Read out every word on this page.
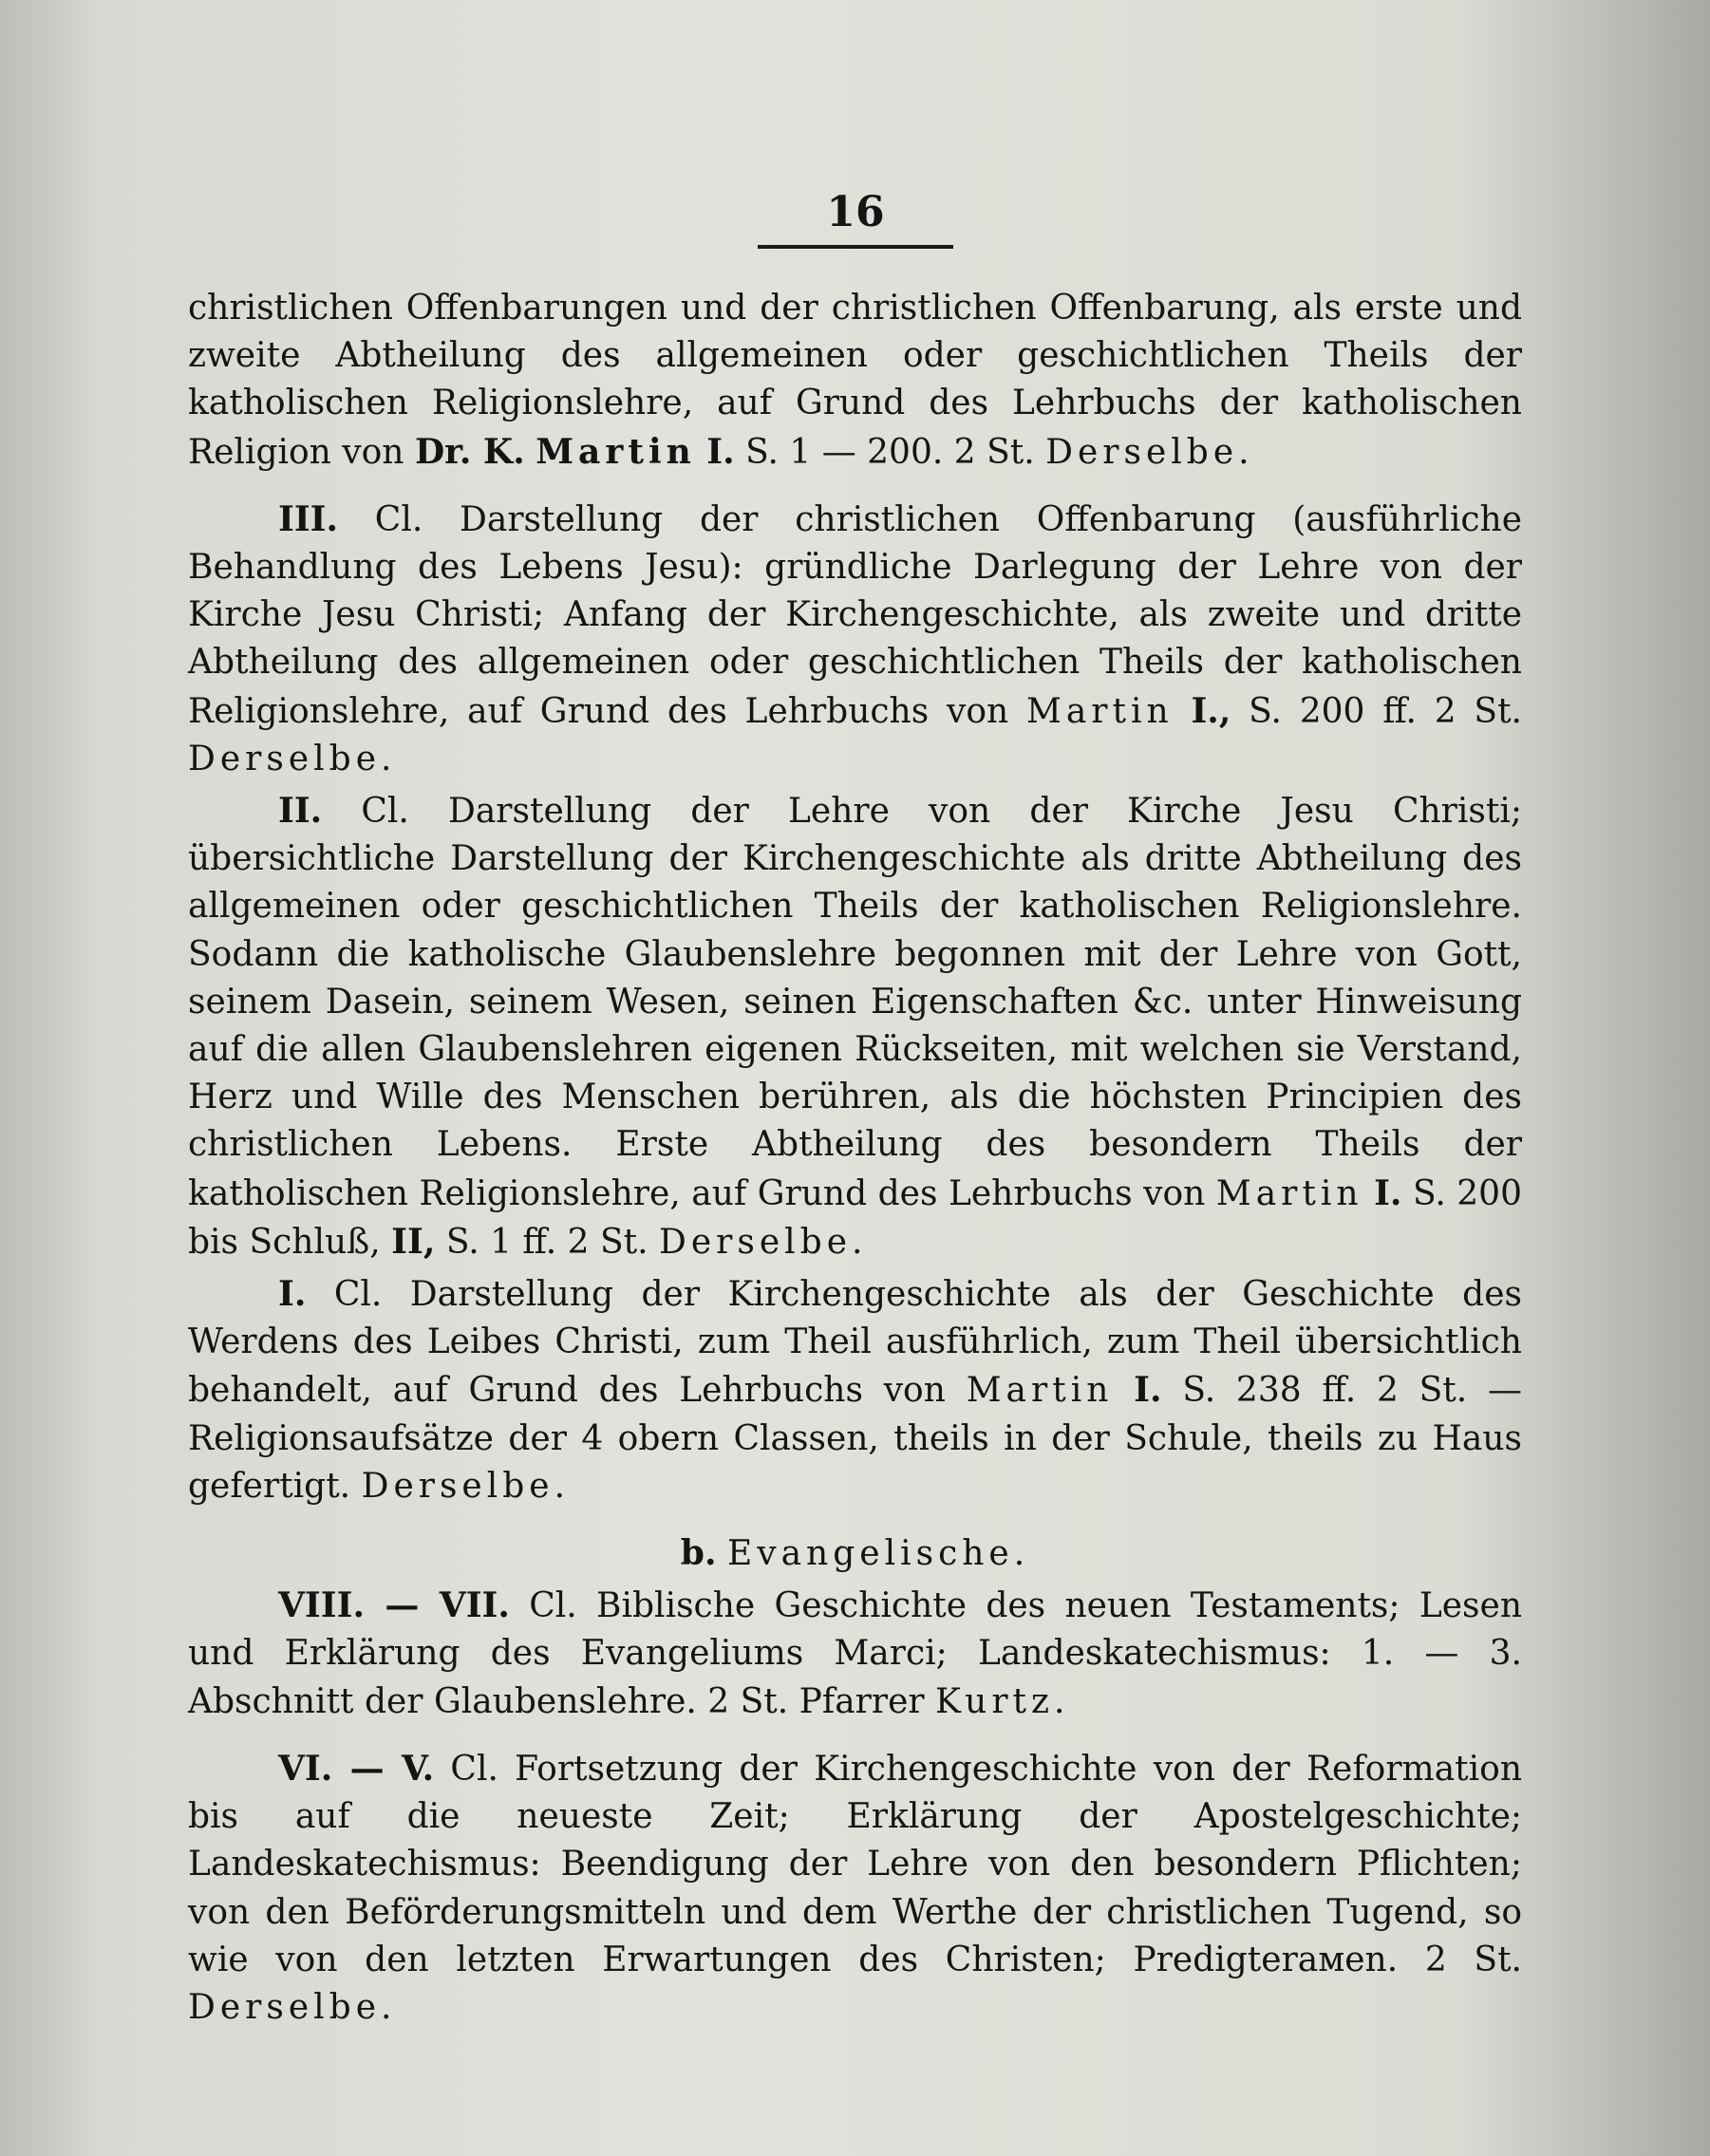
16

christlichen Offenbarungen und der christlichen Offenbarung, als erste und zweite Abtheilung des allgemeinen oder geschichtlichen Theils der katholischen Religionslehre, auf Grund des Lehrbuchs der katholischen Religion von Dr. K. Martin I. S. 1 — 200. 2 St. Derselbe.

III. Cl. Darstellung der christlichen Offenbarung (ausführliche Behandlung des Lebens Jesu): gründliche Darlegung der Lehre von der Kirche Jesu Christi; Anfang der Kirchengeschichte, als zweite und dritte Abtheilung des allgemeinen oder geschichtlichen Theils der katholischen Religionslehre, auf Grund des Lehrbuchs von Martin I., S. 200 ff. 2 St. Derselbe.

II. Cl. Darstellung der Lehre von der Kirche Jesu Christi; übersichtliche Darstellung der Kirchengeschichte als dritte Abtheilung des allgemeinen oder geschichtlichen Theils der katholischen Religionslehre. Sodann die katholische Glaubenslehre begonnen mit der Lehre von Gott, seinem Dasein, seinem Wesen, seinen Eigenschaften &c. unter Hinweisung auf die allen Glaubenslehren eigenen Rückseiten, mit welchen sie Verstand, Herz und Wille des Menschen berühren, als die höchsten Principien des christlichen Lebens. Erste Abtheilung des besondern Theils der katholischen Religionslehre, auf Grund des Lehrbuchs von Martin I. S. 200 bis Schluß, II, S. 1 ff. 2 St. Derselbe.

I. Cl. Darstellung der Kirchengeschichte als der Geschichte des Werdens des Leibes Christi, zum Theil ausführlich, zum Theil übersichtlich behandelt, auf Grund des Lehrbuchs von Martin I. S. 238 ff. 2 St. — Religionsaufsätze der 4 obern Classen, theils in der Schule, theils zu Haus gefertigt. Derselbe.

b. Evangelische.

VIII. — VII. Cl. Biblische Geschichte des neuen Testaments; Lesen und Erklärung des Evangeliums Marci; Landeskatechismus: 1. — 3. Abschnitt der Glaubenslehre. 2 St. Pfarrer Kurtz.

VI. — V. Cl. Fortsetzung der Kirchengeschichte von der Reformation bis auf die neueste Zeit; Erklärung der Apostelgeschichte; Landeskatechismus: Beendigung der Lehre von den besondern Pflichten; von den Beförderungsmitteln und dem Werthe der christlichen Tugend, so wie von den letzten Erwartungen des Christen; Predigterамen. 2 St. Derselbe.
